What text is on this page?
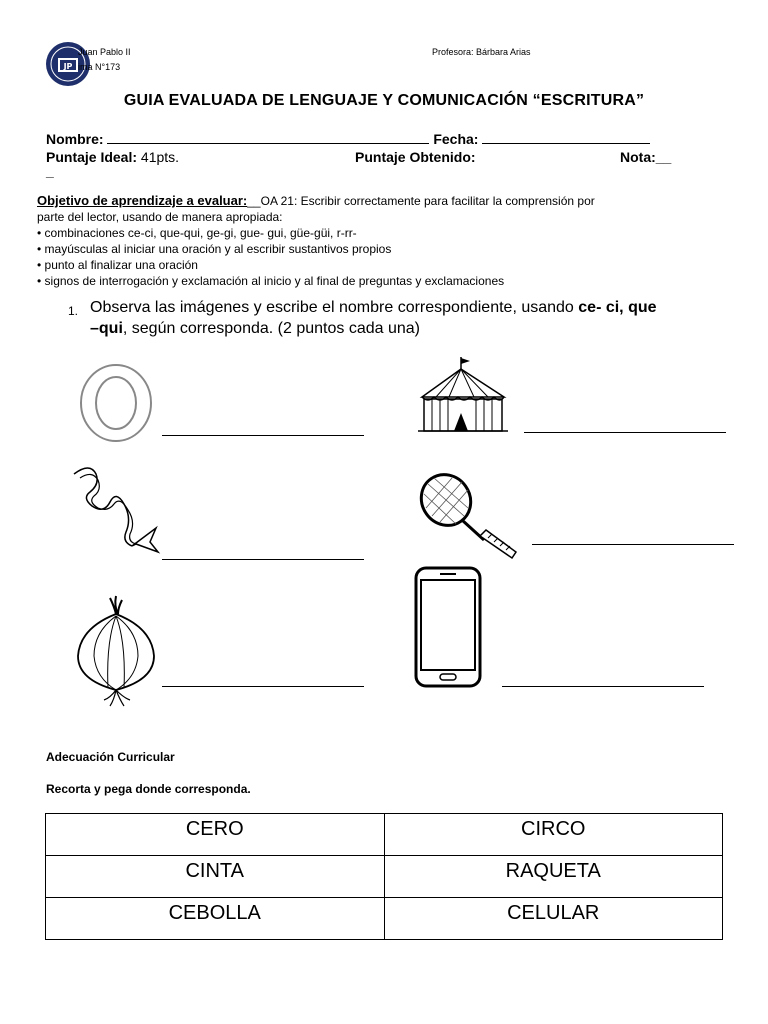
JP
Juan Pablo II
ima N°173
Profesora: Bárbara Arias
GUIA EVALUADA DE LENGUAJE Y COMUNICACIÓN “ESCRITURA”
Nombre:	Fecha:
Puntaje Ideal: 41pts.	Puntaje Obtenido:	Nota:__
_
Objetivo de aprendizaje a evaluar:__OA 21: Escribir correctamente para facilitar la comprensión por
parte del lector, usando de manera apropiada:
• combinaciones ce-ci, que-qui, ge-gi, gue- gui, güe-güi, r-rr-
• mayúsculas al iniciar una oración y al escribir sustantivos propios
• punto al finalizar una oración
• signos de interrogación y exclamación al inicio y al final de preguntas y exclamaciones
1. Observa las imágenes y escribe el nombre correspondiente, usando ce- ci, que
–qui, según corresponda. (2 puntos cada una)
Adecuación Curricular
Recorta y pega donde corresponda.
CERO	CIRCO
CINTA	RAQUETA
CEBOLLA	CELULAR
